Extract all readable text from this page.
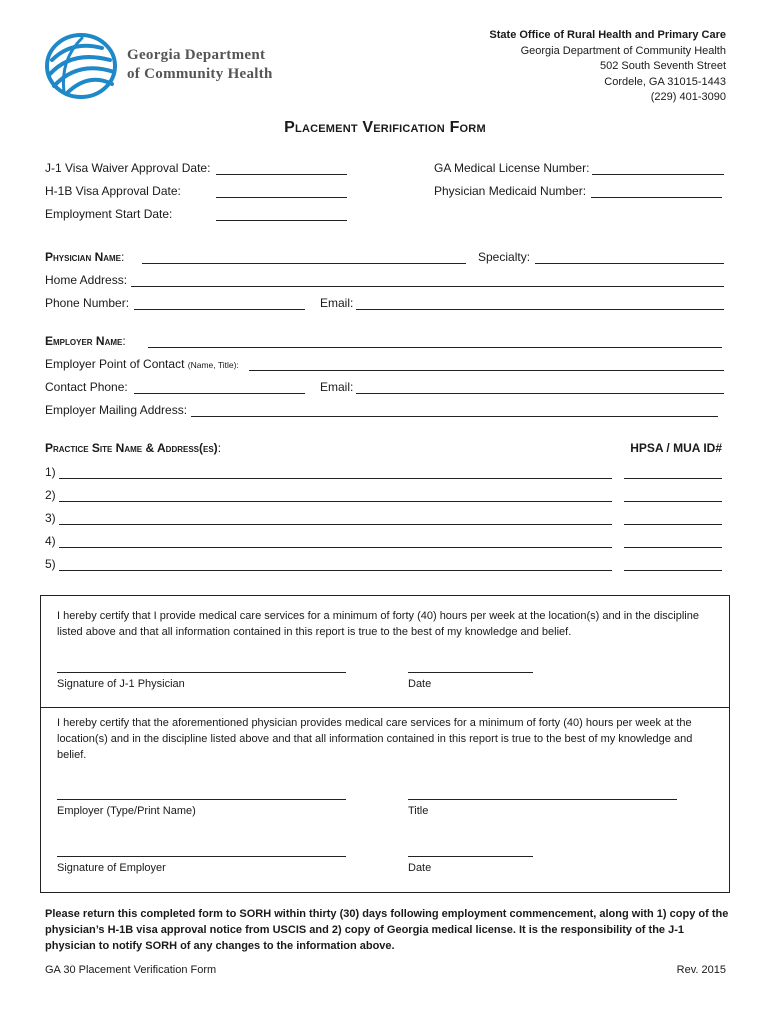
Georgia Department
of Community Health
State Office of Rural Health and Primary Care
Georgia Department of Community Health
502 South Seventh Street
Cordele, GA 31015-1443
(229) 401-3090
Placement Verification Form
J-1 Visa Waiver Approval Date:	GA Medical License Number:
H-1B Visa Approval Date:	Physician Medicaid Number:
Employment Start Date:
Physician Name:	Specialty:
Home Address:
Phone Number:	Email:
Employer Name:
Employer Point of Contact (Name, Title):
Contact Phone:	Email:
Employer Mailing Address:
Practice Site Name & Address(es):	HPSA / MUA ID#
1)
2)
3)
4)
5)
I hereby certify that I provide medical care services for a minimum of forty (40) hours per week at the location(s) and in the discipline listed above and that all information contained in this report is true to the best of my knowledge and belief.
Signature of J-1 Physician	Date
I hereby certify that the aforementioned physician provides medical care services for a minimum of forty (40) hours per week at the location(s) and in the discipline listed above and that all information contained in this report is true to the best of my knowledge and belief.
Employer (Type/Print Name)	Title
Signature of Employer	Date
Please return this completed form to SORH within thirty (30) days following employment commencement, along with 1) copy of the physician’s H-1B visa approval notice from USCIS and 2) copy of Georgia medical license. It is the responsibility of the J-1 physician to notify SORH of any changes to the information above.
GA 30 Placement Verification Form	Rev. 2015
